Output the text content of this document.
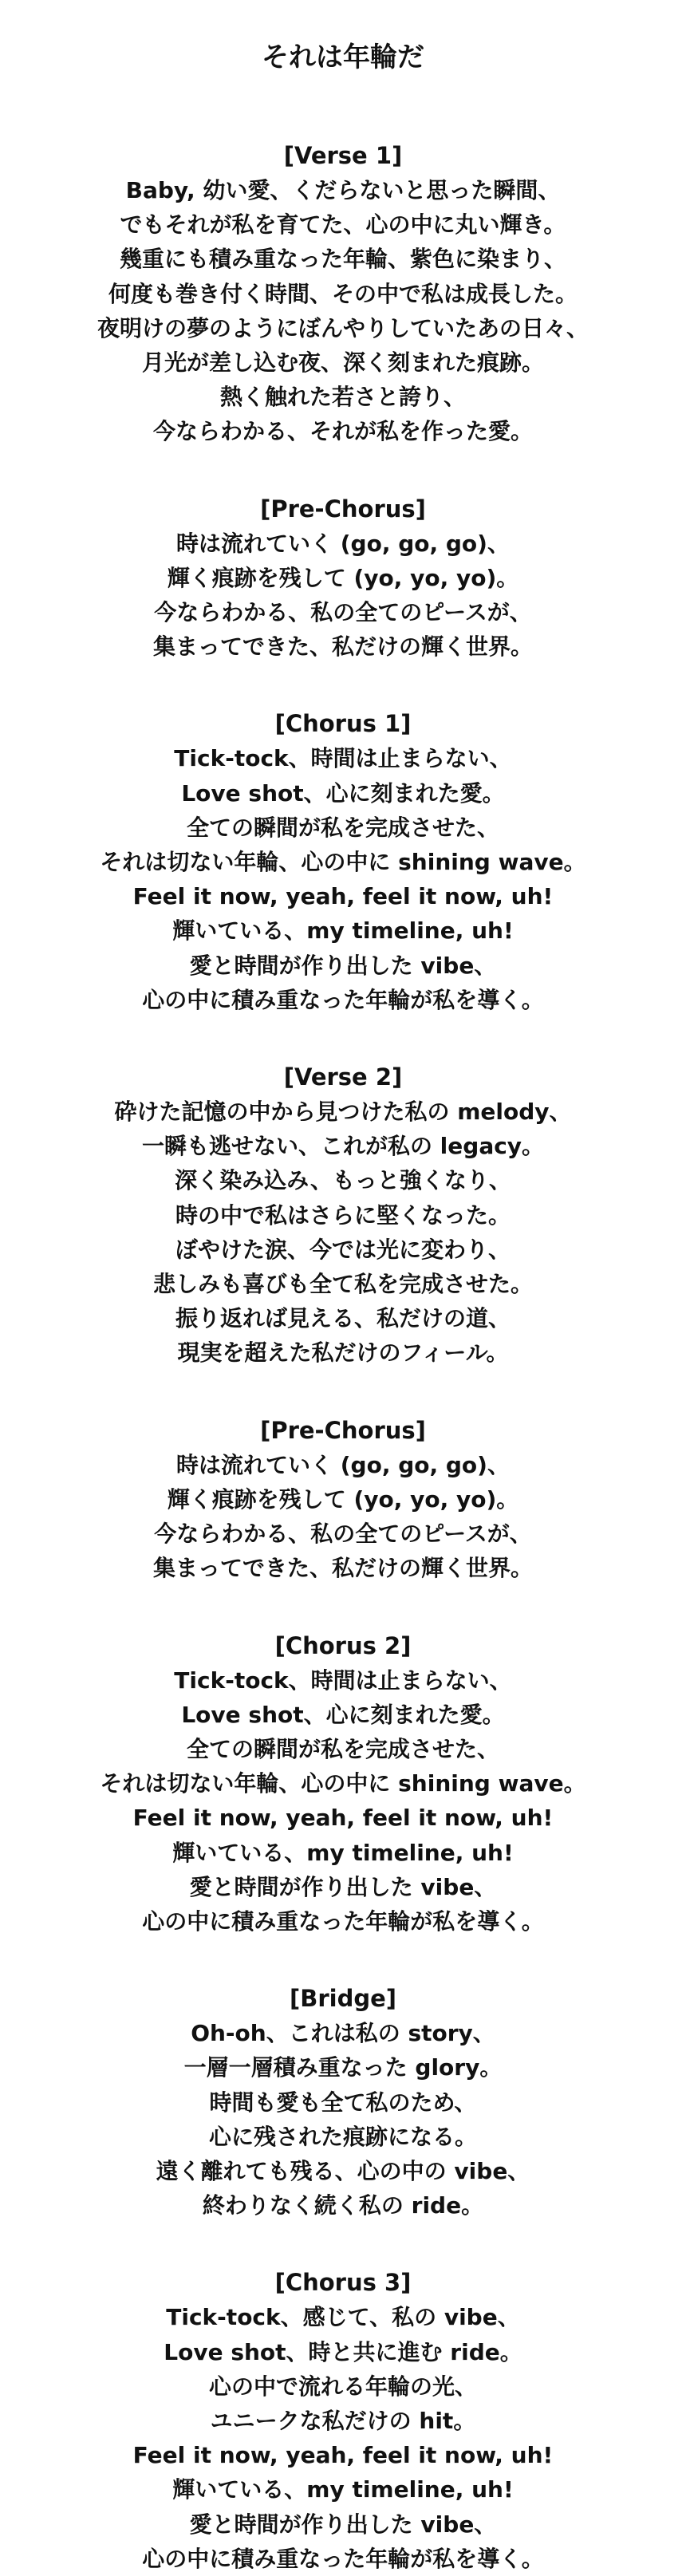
それは年輪だ

[Verse 1]

Baby, 幼い愛、くだらないと思った瞬間、

でもそれが私を育てた、心の中に丸い輝き。

幾重にも積み重なった年輪、紫色に染まり、

何度も巻き付く時間、その中で私は成長した。

夜明けの夢のようにぼんやりしていたあの日々、

月光が差し込む夜、深く刻まれた痕跡。

熱く触れた若さと誇り、

今ならわかる、それが私を作った愛。

[Pre-Chorus]

時は流れていく (go, go, go)、

輝く痕跡を残して (yo, yo, yo)。

今ならわかる、私の全てのピースが、

集まってできた、私だけの輝く世界。

[Chorus 1]

Tick-tock、時間は止まらない、

Love shot、心に刻まれた愛。

全ての瞬間が私を完成させた、

それは切ない年輪、心の中に shining wave。

Feel it now, yeah, feel it now, uh!

輝いている、my timeline, uh!

愛と時間が作り出した vibe、

心の中に積み重なった年輪が私を導く。

[Verse 2]

砕けた記憶の中から見つけた私の melody、

一瞬も逃せない、これが私の legacy。

深く染み込み、もっと強くなり、

時の中で私はさらに堅くなった。

ぼやけた涙、今では光に変わり、

悲しみも喜びも全て私を完成させた。

振り返れば見える、私だけの道、

現実を超えた私だけのフィール。

[Pre-Chorus]

時は流れていく (go, go, go)、

輝く痕跡を残して (yo, yo, yo)。

今ならわかる、私の全てのピースが、

集まってできた、私だけの輝く世界。

[Chorus 2]

Tick-tock、時間は止まらない、

Love shot、心に刻まれた愛。

全ての瞬間が私を完成させた、

それは切ない年輪、心の中に shining wave。

Feel it now, yeah, feel it now, uh!

輝いている、my timeline, uh!

愛と時間が作り出した vibe、

心の中に積み重なった年輪が私を導く。

[Bridge]

Oh-oh、これは私の story、

一層一層積み重なった glory。

時間も愛も全て私のため、

心に残された痕跡になる。

遠く離れても残る、心の中の vibe、

終わりなく続く私の ride。

[Chorus 3]

Tick-tock、感じて、私の vibe、

Love shot、時と共に進む ride。

心の中で流れる年輪の光、

ユニークな私だけの hit。

Feel it now, yeah, feel it now, uh!

輝いている、my timeline, uh!

愛と時間が作り出した vibe、

心の中に積み重なった年輪が私を導く。
